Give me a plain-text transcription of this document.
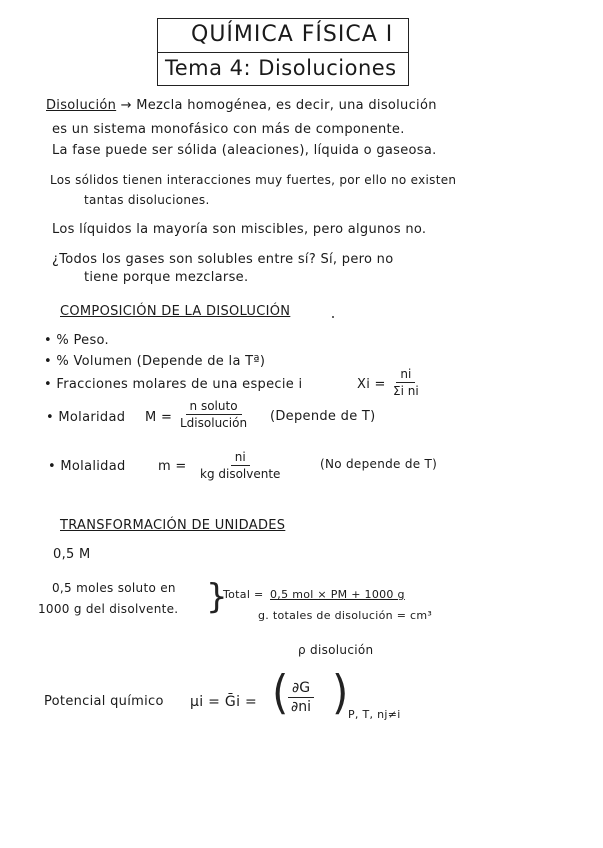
QUÍMICA FÍSICA I
Tema 4: Disoluciones
Disolución → Mezcla homogénea, es decir, una disolución
es un sistema monofásico con más de componente.
La fase puede ser sólida (aleaciones), líquida o gaseosa.
Los sólidos tienen interacciones muy fuertes, por ello no existen
tantas disoluciones.
Los líquidos la mayoría son miscibles, pero algunos no.
¿Todos los gases son solubles entre sí? Sí, pero no
tiene porque mezclarse.
COMPOSICIÓN DE LA DISOLUCIÓN
• % Peso.
• % Volumen (Depende de la Tª)
• Fracciones molares de una especie i	$Xi = \frac{ni}{\text{Σi ni}}$
• Molaridad M =
n soluto
Ldisolución (Depende de T)
• Molalidad m =
ni
kg disolvente
(No depende de T)
TRANSFORMACIÓN DE UNIDADES
0,5 M
0,5 moles soluto en
1000 g del disolvente. }
Total = 0,5 mol × PM + 1000 g
g. totales de disolución = cm³
ρ disolución
Potencial químico μi = Ḡi = ( $\frac{\partial G}{\partial ni}$ ) P, T, nj≠i
